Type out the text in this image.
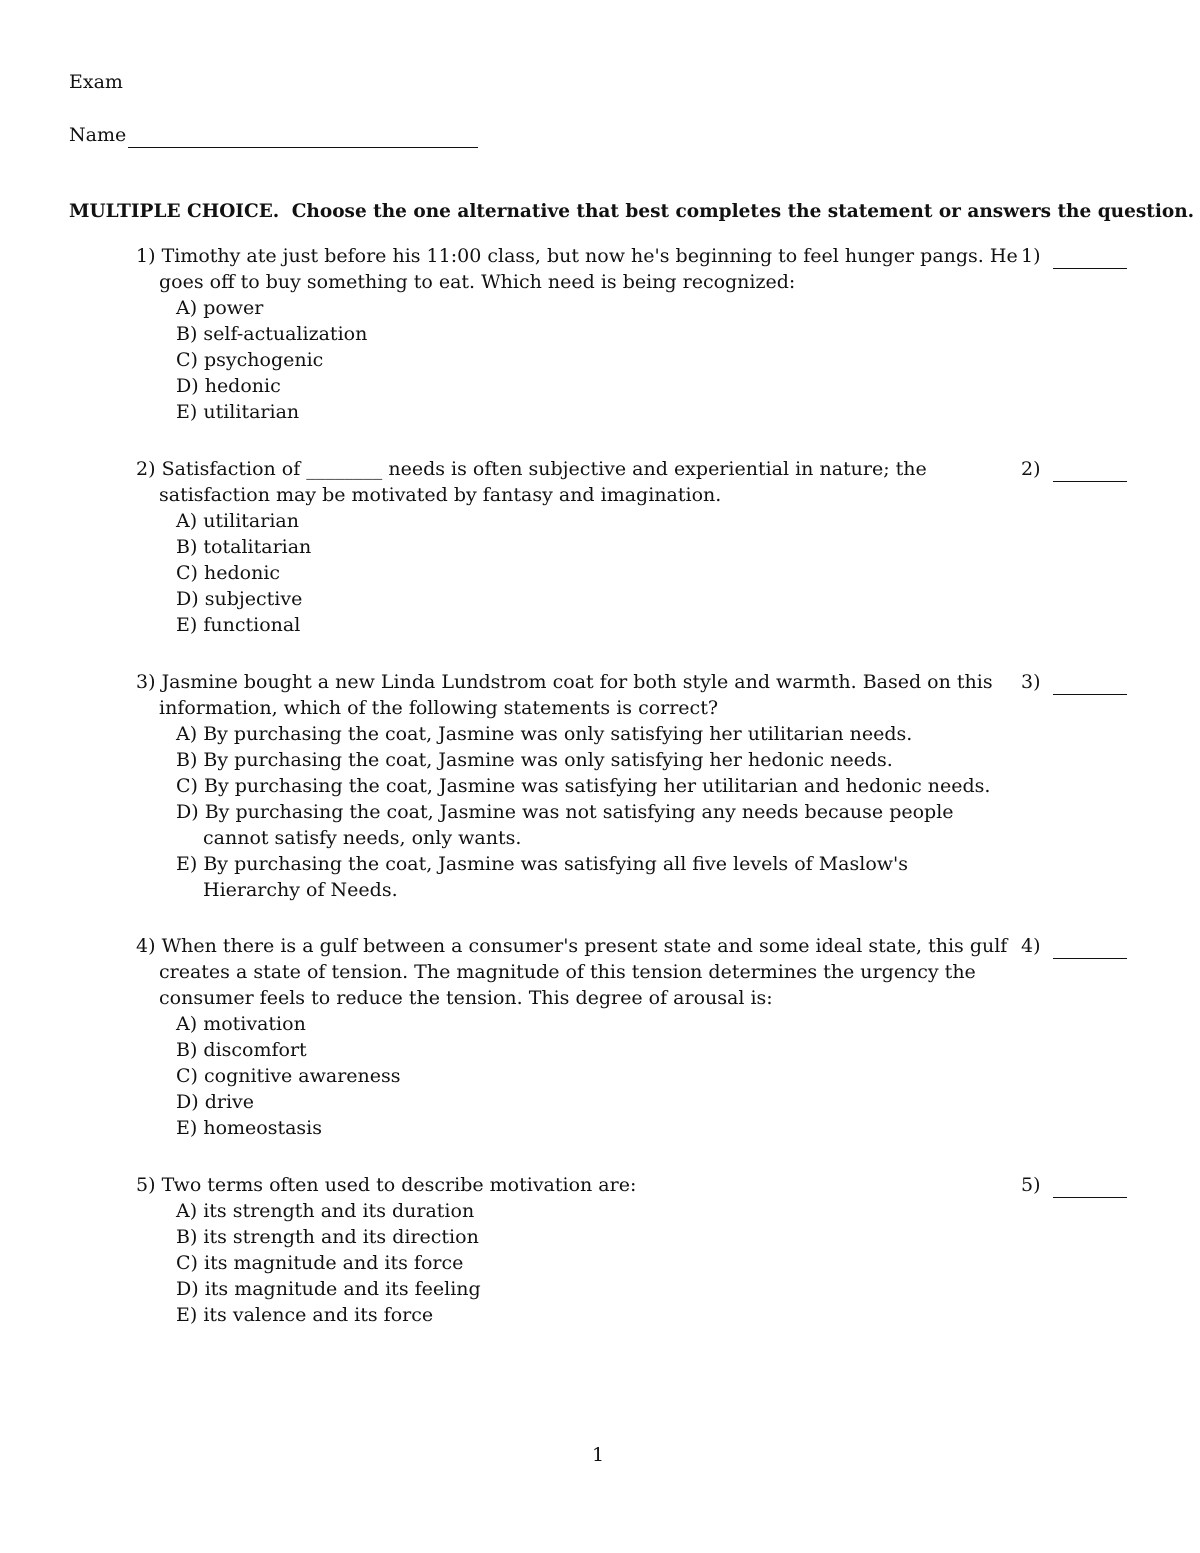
Exam
Name
MULTIPLE CHOICE. Choose the one alternative that best completes the statement or answers the question.
1) Timothy ate just before his 11:00 class, but now he's beginning to feel hunger pangs. He goes off to buy something to eat. Which need is being recognized:
A) power
B) self-actualization
C) psychogenic
D) hedonic
E) utilitarian
1)
2) Satisfaction of ________ needs is often subjective and experiential in nature; the satisfaction may be motivated by fantasy and imagination.
A) utilitarian
B) totalitarian
C) hedonic
D) subjective
E) functional
2)
3) Jasmine bought a new Linda Lundstrom coat for both style and warmth. Based on this information, which of the following statements is correct?
A) By purchasing the coat, Jasmine was only satisfying her utilitarian needs.
B) By purchasing the coat, Jasmine was only satisfying her hedonic needs.
C) By purchasing the coat, Jasmine was satisfying her utilitarian and hedonic needs.
D) By purchasing the coat, Jasmine was not satisfying any needs because people cannot satisfy needs, only wants.
E) By purchasing the coat, Jasmine was satisfying all five levels of Maslow's Hierarchy of Needs.
3)
4) When there is a gulf between a consumer's present state and some ideal state, this gulf creates a state of tension. The magnitude of this tension determines the urgency the consumer feels to reduce the tension. This degree of arousal is:
A) motivation
B) discomfort
C) cognitive awareness
D) drive
E) homeostasis
4)
5) Two terms often used to describe motivation are:
A) its strength and its duration
B) its strength and its direction
C) its magnitude and its force
D) its magnitude and its feeling
E) its valence and its force
5)
1
